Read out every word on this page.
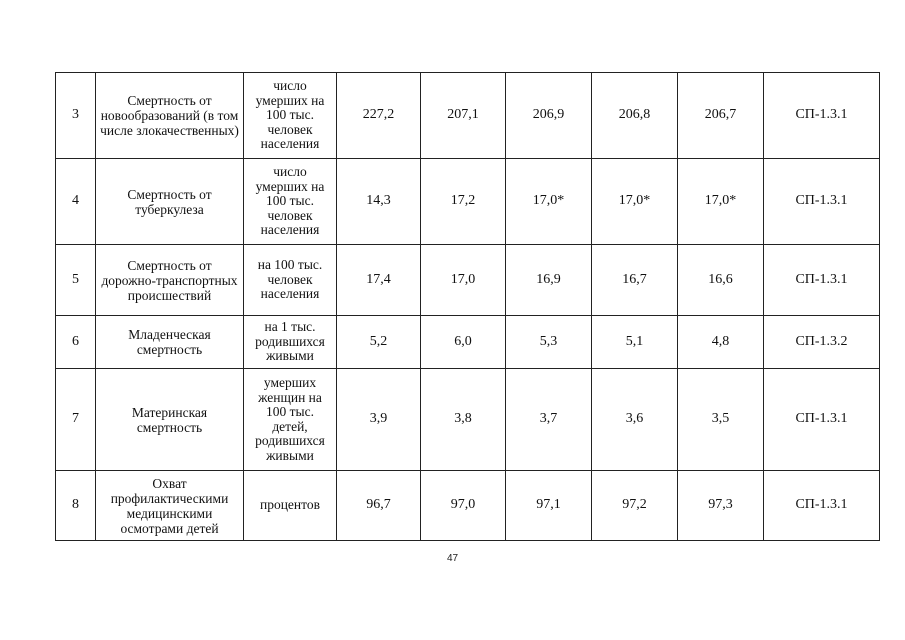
3	Смертность от новообразований (в том числе злокачественных)	число умерших на 100 тыс. человек населения	227,2	207,1	206,9	206,8	206,7	СП-1.3.1
4	Смертность от туберкулеза	число умерших на 100 тыс. человек населения	14,3	17,2	17,0*	17,0*	17,0*	СП-1.3.1
5	Смертность от дорожно-транспортных происшествий	на 100 тыс. человек населения	17,4	17,0	16,9	16,7	16,6	СП-1.3.1
6	Младенческая смертность	на 1 тыс. родившихся живыми	5,2	6,0	5,3	5,1	4,8	СП-1.3.2
7	Материнская смертность	умерших женщин на 100 тыс. детей, родившихся живыми	3,9	3,8	3,7	3,6	3,5	СП-1.3.1
8	Охват профилактическими медицинскими осмотрами детей	процентов	96,7	97,0	97,1	97,2	97,3	СП-1.3.1
47
